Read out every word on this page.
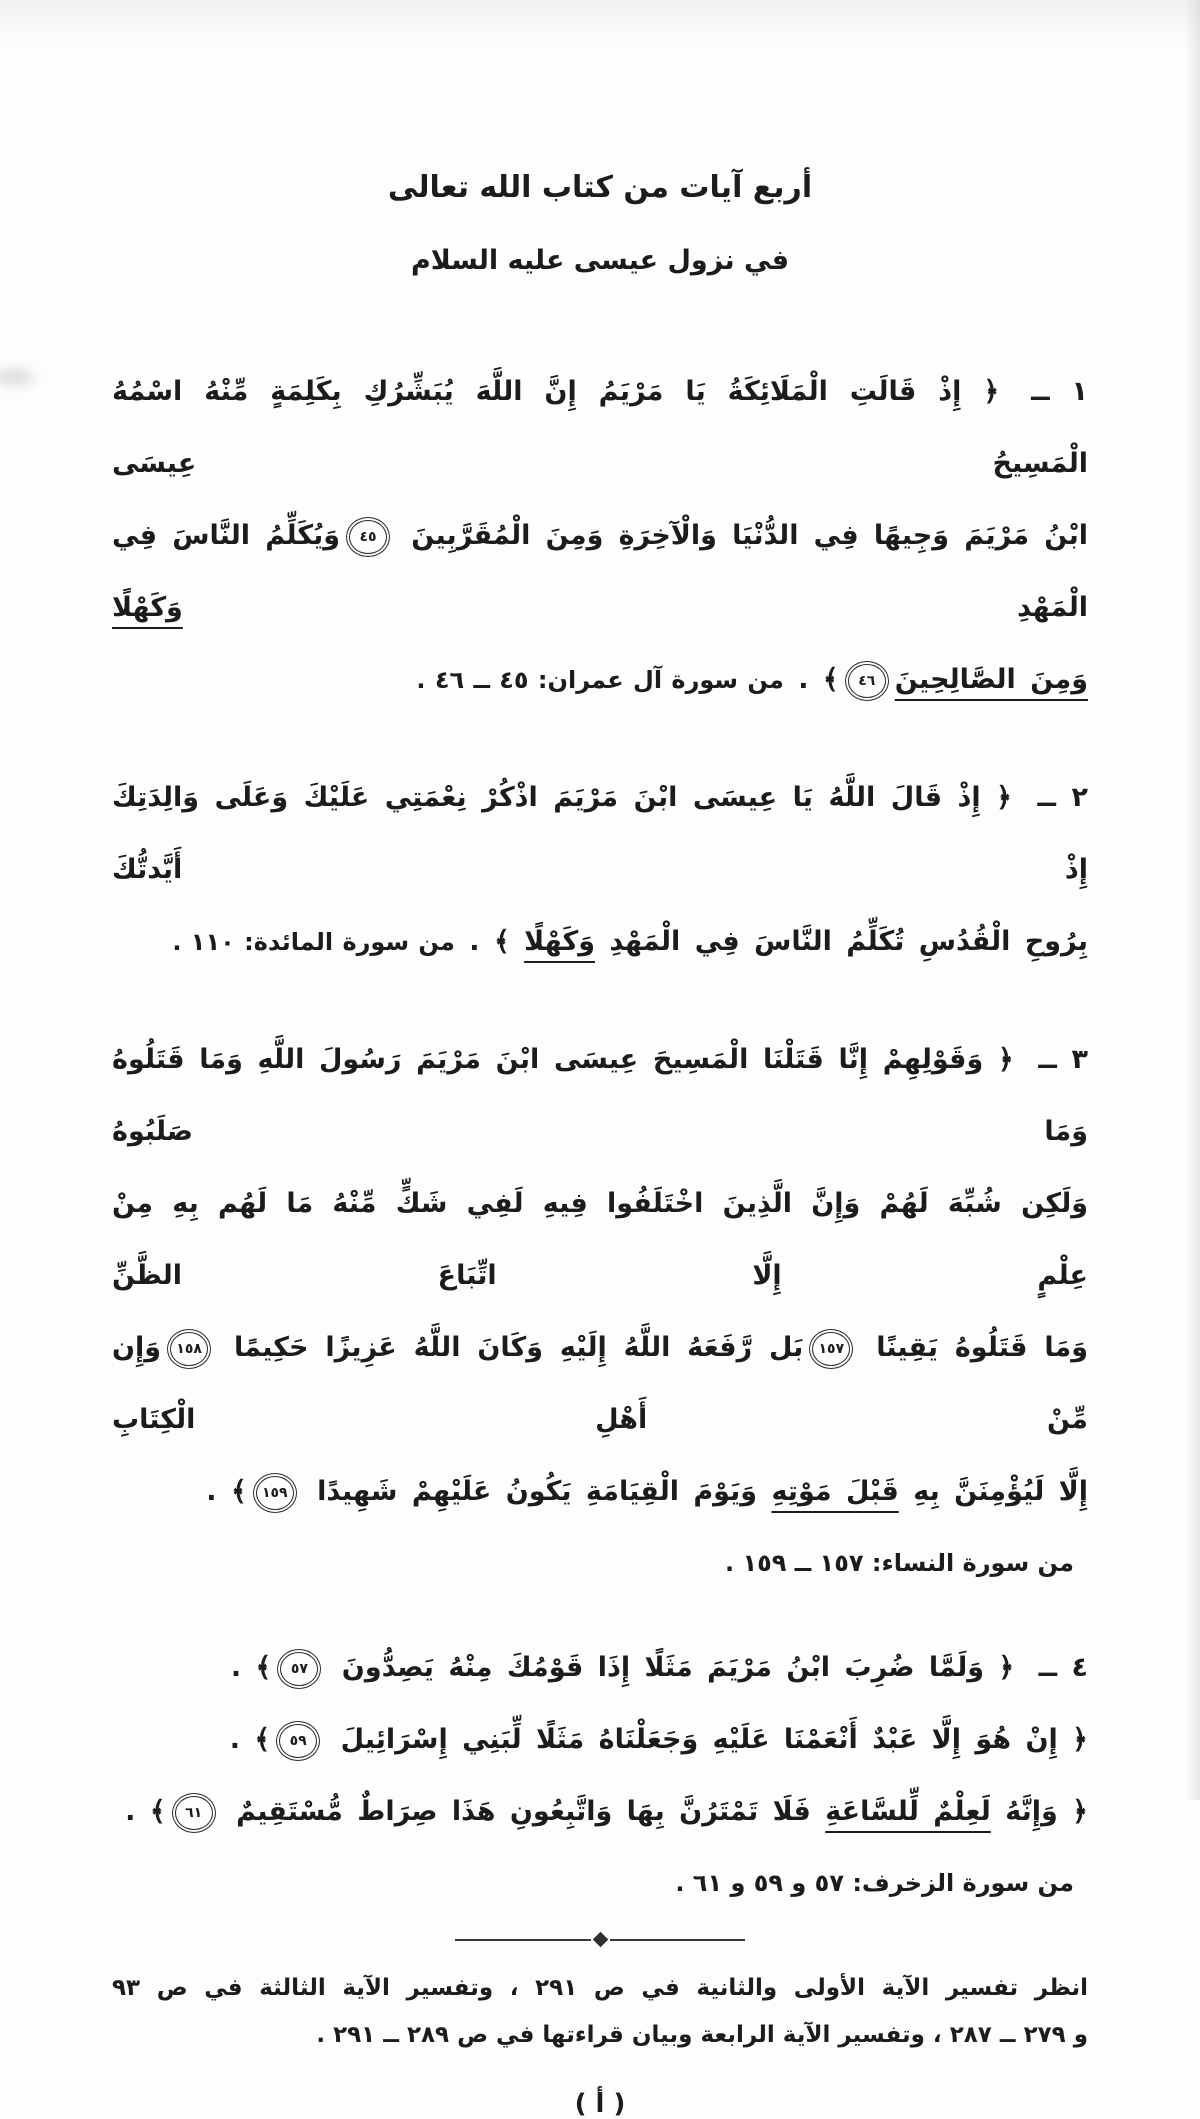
أربع آيات من كتاب الله تعالى
في نزول عيسى عليه السلام
١ ــ ﴿ إِذْ قَالَتِ الْمَلَائِكَةُ يَا مَرْيَمُ إِنَّ اللَّهَ يُبَشِّرُكِ بِكَلِمَةٍ مِّنْهُ اسْمُهُ الْمَسِيحُ عِيسَى
ابْنُ مَرْيَمَ وَجِيهًا فِي الدُّنْيَا وَالْآخِرَةِ وَمِنَ الْمُقَرَّبِينَ ٤٥وَيُكَلِّمُ النَّاسَ فِي الْمَهْدِ وَكَهْلًا
وَمِنَ الصَّالِحِينَ٤٦﴾ . من سورة آل عمران: ٤٥ ــ ٤٦ .
٢ ــ ﴿ إِذْ قَالَ اللَّهُ يَا عِيسَى ابْنَ مَرْيَمَ اذْكُرْ نِعْمَتِي عَلَيْكَ وَعَلَى وَالِدَتِكَ إِذْ أَيَّدتُّكَ
بِرُوحِ الْقُدُسِ تُكَلِّمُ النَّاسَ فِي الْمَهْدِ وَكَهْلًا ﴾ . من سورة المائدة: ١١٠ .
٣ ــ ﴿ وَقَوْلِهِمْ إِنَّا قَتَلْنَا الْمَسِيحَ عِيسَى ابْنَ مَرْيَمَ رَسُولَ اللَّهِ وَمَا قَتَلُوهُ وَمَا صَلَبُوهُ
وَلَكِن شُبِّهَ لَهُمْ وَإِنَّ الَّذِينَ اخْتَلَفُوا فِيهِ لَفِي شَكٍّ مِّنْهُ مَا لَهُم بِهِ مِنْ عِلْمٍ إِلَّا اتِّبَاعَ الظَّنِّ
وَمَا قَتَلُوهُ يَقِينًا ١٥٧بَل رَّفَعَهُ اللَّهُ إِلَيْهِ وَكَانَ اللَّهُ عَزِيزًا حَكِيمًا ١٥٨وَإِن مِّنْ أَهْلِ الْكِتَابِ
إِلَّا لَيُؤْمِنَنَّ بِهِ قَبْلَ مَوْتِهِ وَيَوْمَ الْقِيَامَةِ يَكُونُ عَلَيْهِمْ شَهِيدًا ١٥٩﴾ .
من سورة النساء: ١٥٧ ــ ١٥٩ .
٤ ــ ﴿ وَلَمَّا ضُرِبَ ابْنُ مَرْيَمَ مَثَلًا إِذَا قَوْمُكَ مِنْهُ يَصِدُّونَ ٥٧﴾ .
﴿ إِنْ هُوَ إِلَّا عَبْدٌ أَنْعَمْنَا عَلَيْهِ وَجَعَلْنَاهُ مَثَلًا لِّبَنِي إِسْرَائِيلَ ٥٩﴾ .
﴿ وَإِنَّهُ لَعِلْمٌ لِّلسَّاعَةِ فَلَا تَمْتَرُنَّ بِهَا وَاتَّبِعُونِ هَذَا صِرَاطٌ مُّسْتَقِيمٌ ٦١﴾ .
من سورة الزخرف: ٥٧ و ٥٩ و ٦١ .
انظر تفسير الآية الأولى والثانية في ص ٢٩١ ، وتفسير الآية الثالثة في ص ٩٣
و ٢٧٩ ــ ٢٨٧ ، وتفسير الآية الرابعة وبيان قراءتها في ص ٢٨٩ ــ ٢٩١ .
( أ )
